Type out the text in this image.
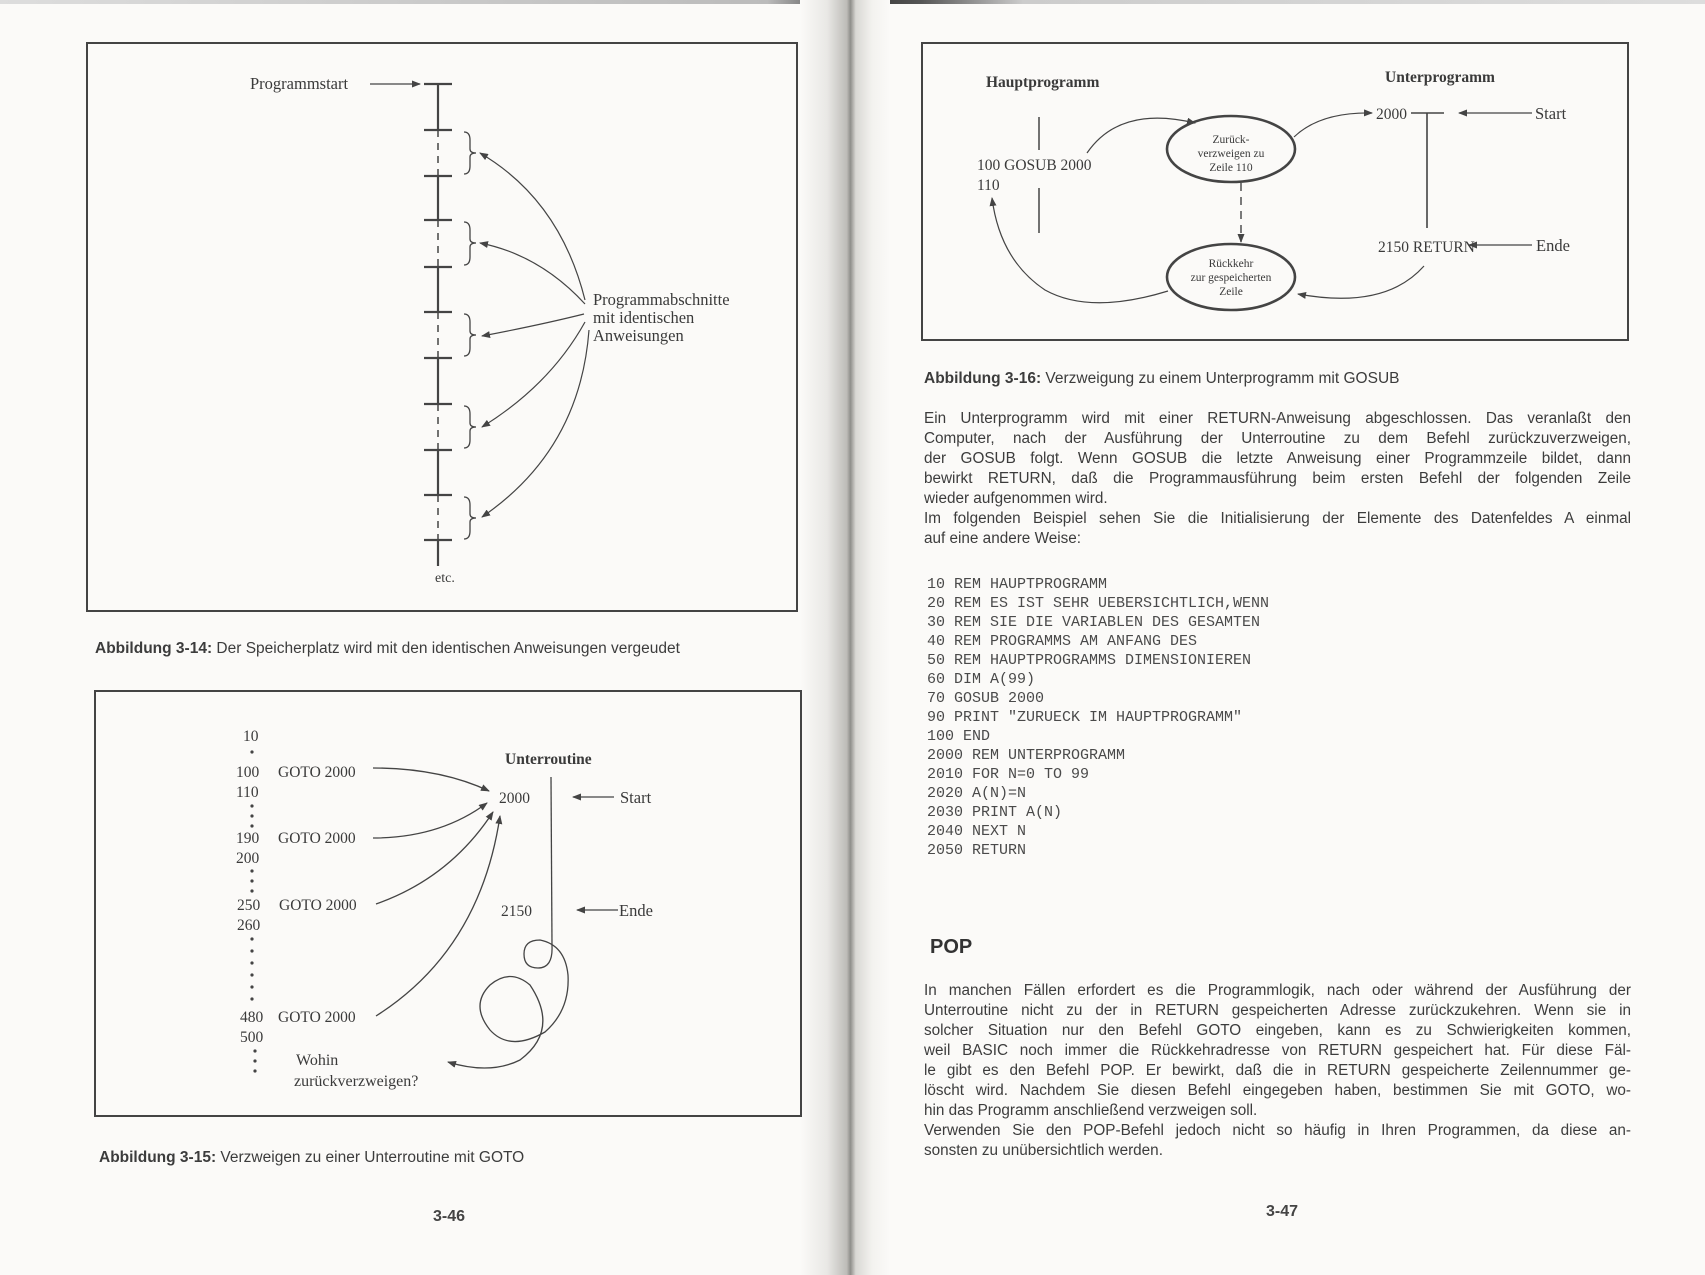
Programmstart
Programmabschnitte
mit identischen
Anweisungen
etc.
10
100
110
190
200
250
260
480
500
GOTO 2000
GOTO 2000
GOTO 2000
GOTO 2000
Unterroutine
2000	Start
2150	Ende
Wohin
zurückverzweigen?
Hauptprogramm	Unterprogramm
100 GOSUB 2000
110
2000	Start
2150 RETURN	Ende
Zurück-
verzweigen zu
Zeile 110
Rückkehr
zur gespeicherten
Zeile
Abbildung 3-14: Der Speicherplatz wird mit den identischen Anweisungen vergeudet
Abbildung 3-15: Verzweigen zu einer Unterroutine mit GOTO
3-46
Abbildung 3-16: Verzweigung zu einem Unterprogramm mit GOSUB
Ein Unterprogramm wird mit einer RETURN-Anweisung abgeschlossen. Das veranlaßt den
Computer, nach der Ausführung der Unterroutine zu dem Befehl zurückzuverzweigen,
der GOSUB folgt. Wenn GOSUB die letzte Anweisung einer Programmzeile bildet, dann
bewirkt RETURN, daß die Programmausführung beim ersten Befehl der folgenden Zeile
wieder aufgenommen wird.
Im folgenden Beispiel sehen Sie die Initialisierung der Elemente des Datenfeldes A einmal
auf eine andere Weise:
10 REM HAUPTPROGRAMM
20 REM ES IST SEHR UEBERSICHTLICH,WENN
30 REM SIE DIE VARIABLEN DES GESAMTEN
40 REM PROGRAMMS AM ANFANG DES
50 REM HAUPTPROGRAMMS DIMENSIONIEREN
60 DIM A(99)
70 GOSUB 2000
90 PRINT "ZURUECK IM HAUPTPROGRAMM"
100 END
2000 REM UNTERPROGRAMM
2010 FOR N=0 TO 99
2020 A(N)=N
2030 PRINT A(N)
2040 NEXT N
2050 RETURN
POP
In manchen Fällen erfordert es die Programmlogik, nach oder während der Ausführung der
Unterroutine nicht zu der in RETURN gespeicherten Adresse zurückzukehren. Wenn sie in
solcher Situation nur den Befehl GOTO eingeben, kann es zu Schwierigkeiten kommen,
weil BASIC noch immer die Rückkehradresse von RETURN gespeichert hat. Für diese Fäl-
le gibt es den Befehl POP. Er bewirkt, daß die in RETURN gespeicherte Zeilennummer ge-
löscht wird. Nachdem Sie diesen Befehl eingegeben haben, bestimmen Sie mit GOTO, wo-
hin das Programm anschließend verzweigen soll.
Verwenden Sie den POP-Befehl jedoch nicht so häufig in Ihren Programmen, da diese an-
sonsten zu unübersichtlich werden.
3-47
